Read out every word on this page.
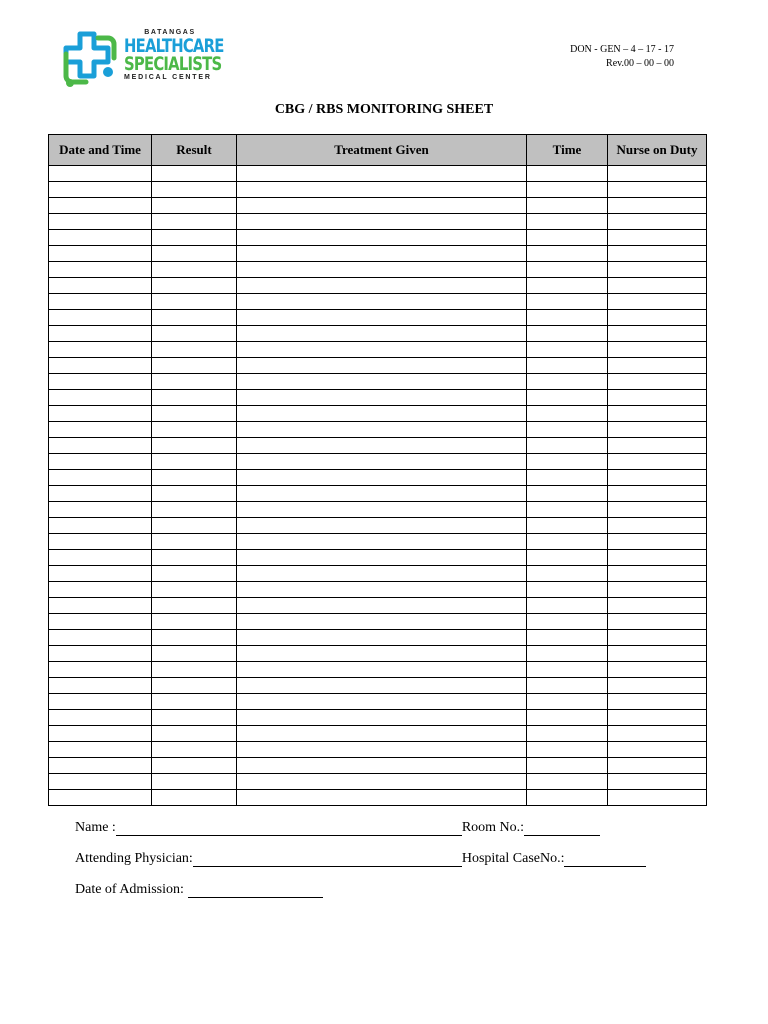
BATANGAS
HEALTHCARE
SPECIALISTS
MEDICAL CENTER
DON - GEN – 4 – 17 - 17
Rev.00 – 00 – 00
CBG / RBS MONITORING SHEET
Date and Time	Result	Treatment Given	Time	Nurse on Duty

Name :	Room No.:
Attending Physician:	Hospital CaseNo.:
Date of Admission:
